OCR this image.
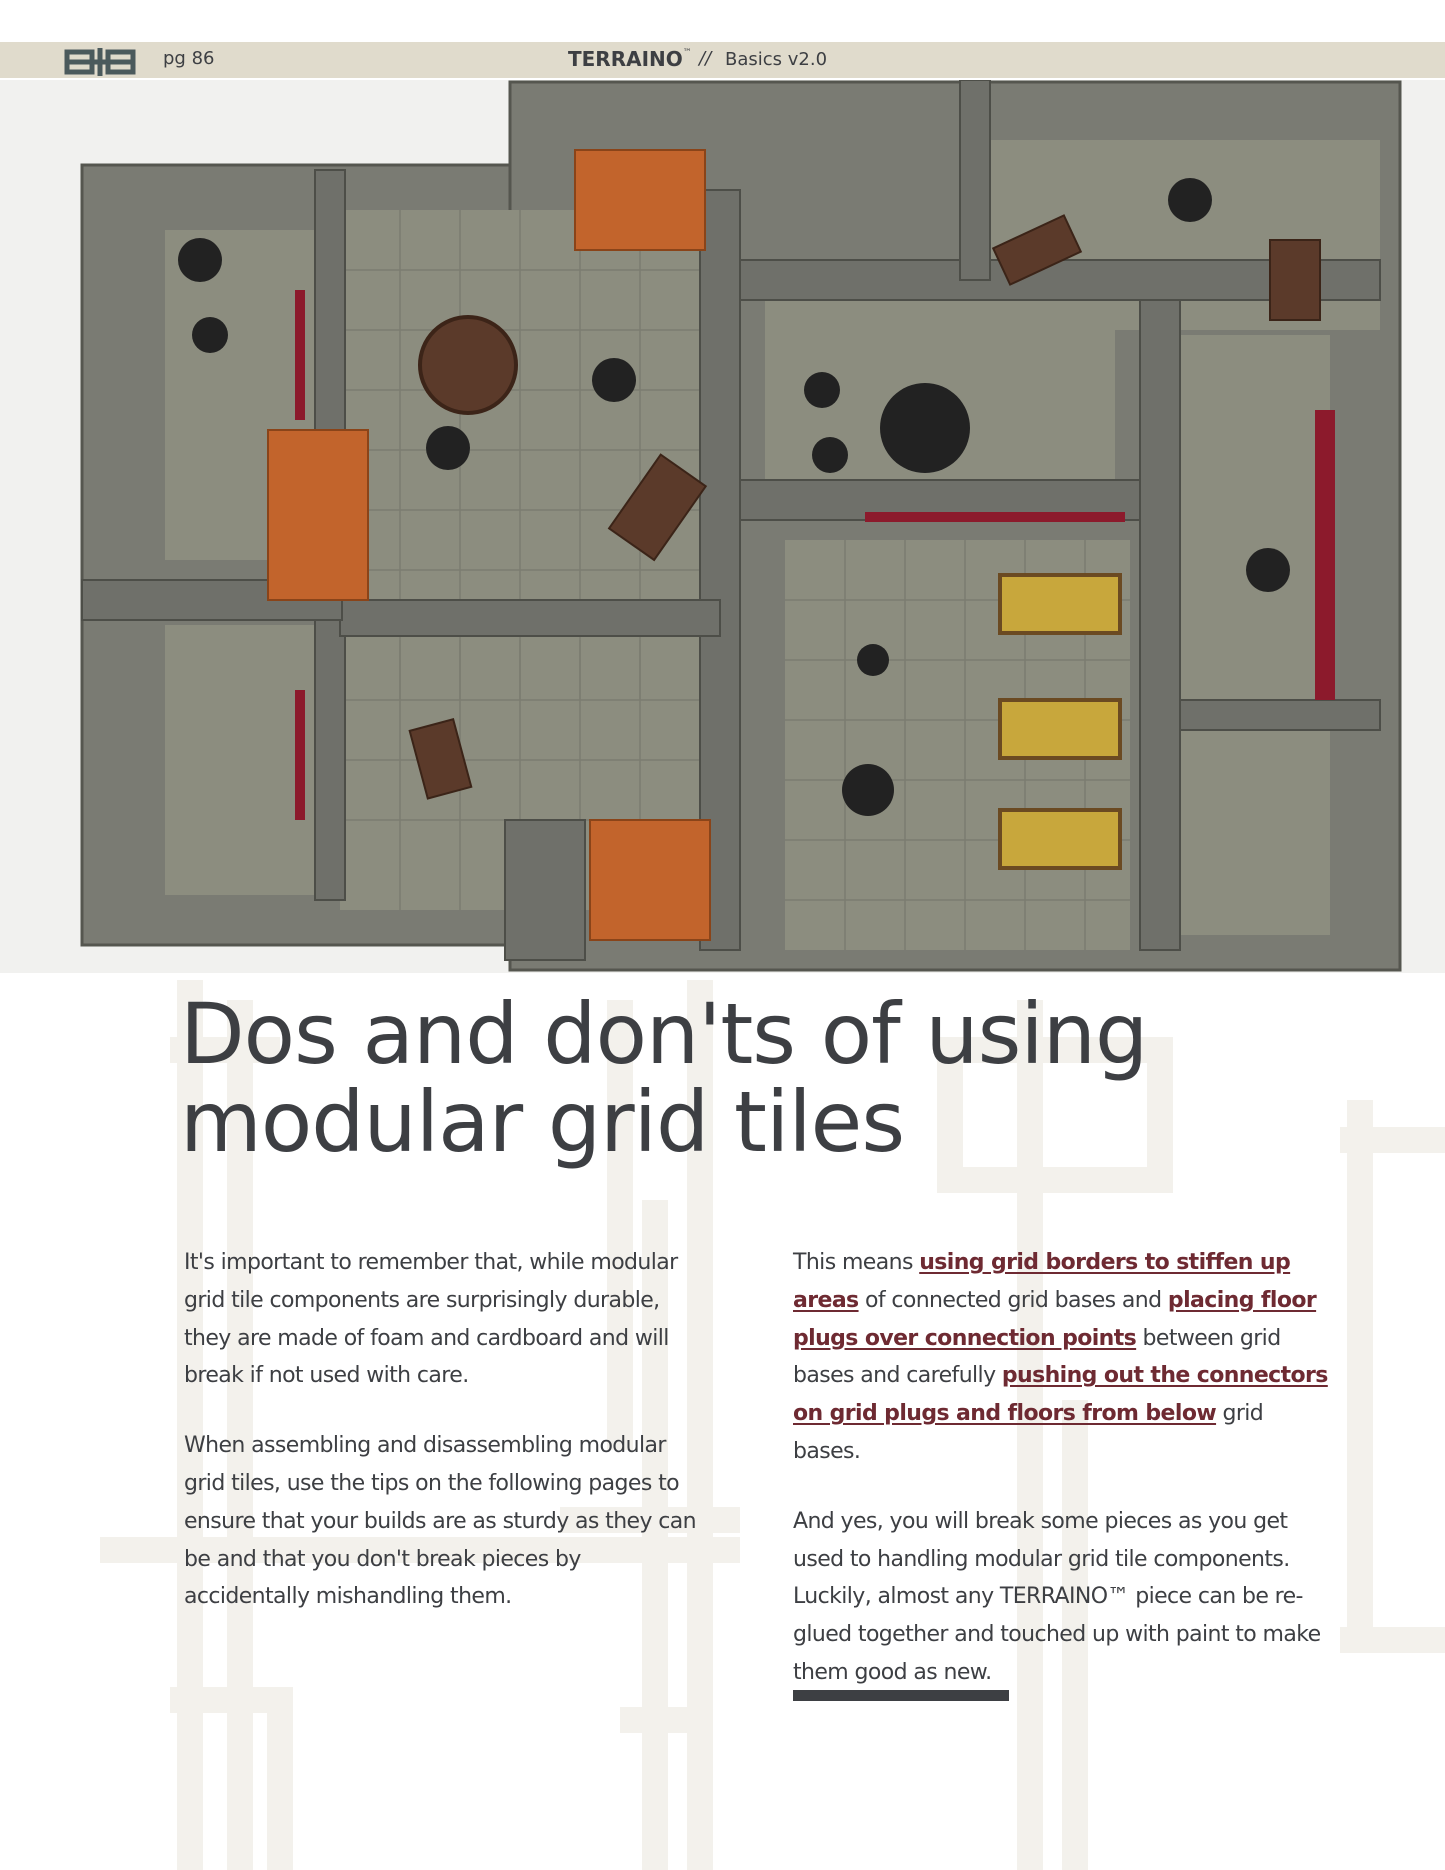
pg 86	TERRAINO™ // Basics v2.0
Dos and don'ts of using
modular grid tiles

It's important to remember that, while modular grid tile components are surprisingly durable, they are made of foam and cardboard and will break if not used with care.

When assembling and disassembling modular grid tiles, use the tips on the following pages to ensure that your builds are as sturdy as they can be and that you don't break pieces by accidentally mishandling them.

This means using grid borders to stiffen up areas of connected grid bases and placing floor plugs over connection points between grid bases and carefully pushing out the connectors on grid plugs and floors from below grid bases.

And yes, you will break some pieces as you get used to handling modular grid tile components. Luckily, almost any TERRAINO™ piece can be re-glued together and touched up with paint to make them good as new.
